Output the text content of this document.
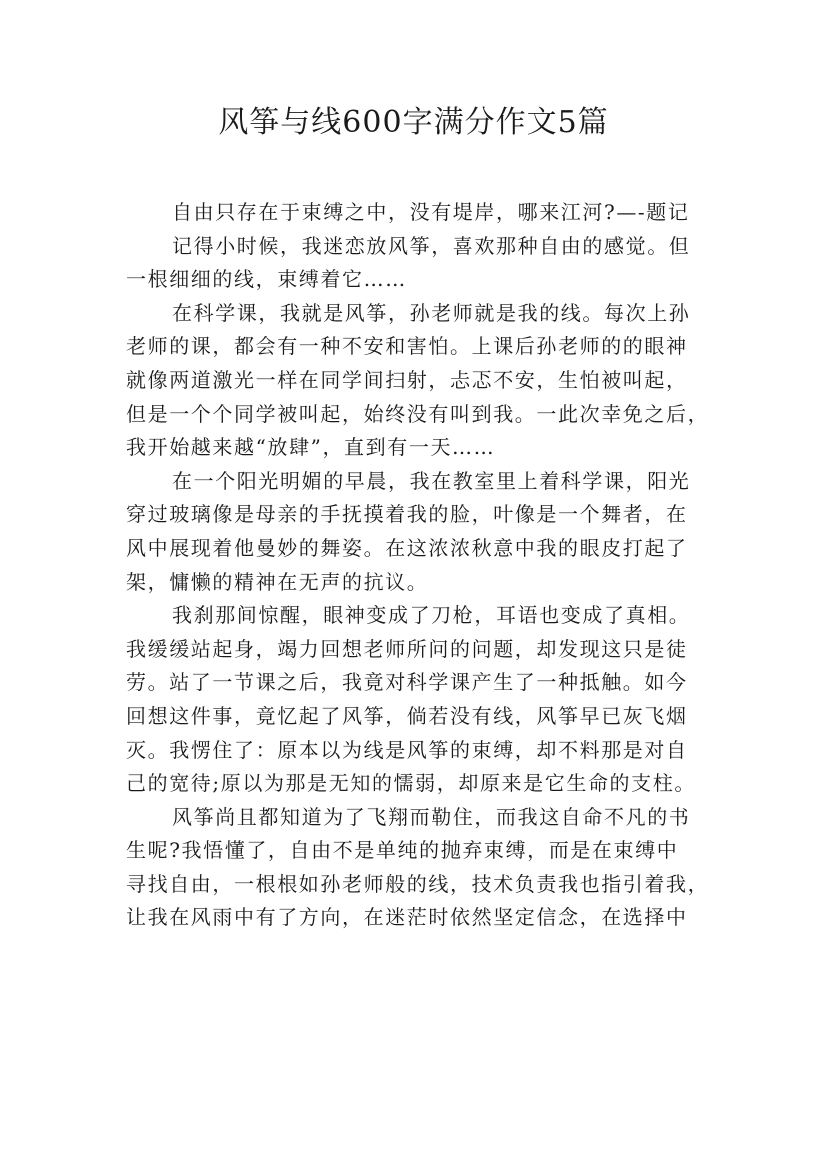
风筝与线600字满分作文5篇
自由只存在于束缚之中，没有堤岸，哪来江河?—-题记
记得小时候，我迷恋放风筝，喜欢那种自由的感觉。但
一根细细的线，束缚着它……
在科学课，我就是风筝，孙老师就是我的线。每次上孙
老师的课，都会有一种不安和害怕。上课后孙老师的的眼神
就像两道激光一样在同学间扫射，忐忑不安，生怕被叫起，
但是一个个同学被叫起，始终没有叫到我。一此次幸免之后，
我开始越来越“放肆”，直到有一天……
在一个阳光明媚的早晨，我在教室里上着科学课，阳光
穿过玻璃像是母亲的手抚摸着我的脸，叶像是一个舞者，在
风中展现着他曼妙的舞姿。在这浓浓秋意中我的眼皮打起了
架，慵懒的精神在无声的抗议。
我刹那间惊醒，眼神变成了刀枪，耳语也变成了真相。
我缓缓站起身，竭力回想老师所问的问题，却发现这只是徒
劳。站了一节课之后，我竟对科学课产生了一种抵触。如今
回想这件事，竟忆起了风筝，倘若没有线，风筝早已灰飞烟
灭。我愣住了：原本以为线是风筝的束缚，却不料那是对自
己的宽待;原以为那是无知的懦弱，却原来是它生命的支柱。
风筝尚且都知道为了飞翔而勒住，而我这自命不凡的书
生呢?我悟懂了，自由不是单纯的抛弃束缚，而是在束缚中
寻找自由，一根根如孙老师般的线，技术负责我也指引着我，
让我在风雨中有了方向，在迷茫时依然坚定信念，在选择中
